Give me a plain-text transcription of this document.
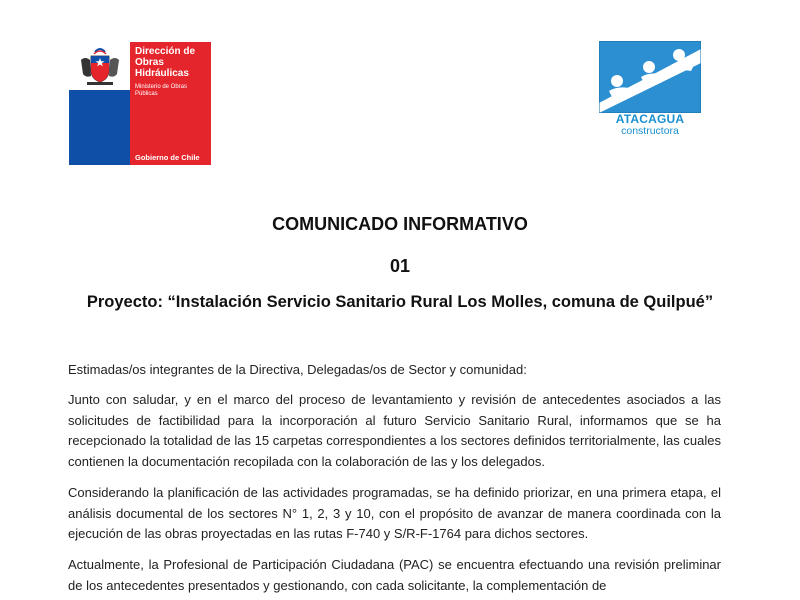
Dirección de
Obras
Hidráulicas
Ministerio de Obras
Públicas
Gobierno de Chile
ATACAGUA
constructora
COMUNICADO INFORMATIVO
01
Proyecto: “Instalación Servicio Sanitario Rural Los Molles, comuna de Quilpué”
Estimadas/os integrantes de la Directiva, Delegadas/os de Sector y comunidad:
Junto con saludar, y en el marco del proceso de levantamiento y revisión de antecedentes asociados a las solicitudes de factibilidad para la incorporación al futuro Servicio Sanitario Rural, informamos que se ha recepcionado la totalidad de las 15 carpetas correspondientes a los sectores definidos territorialmente, las cuales contienen la documentación recopilada con la colaboración de las y los delegados.
Considerando la planificación de las actividades programadas, se ha definido priorizar, en una primera etapa, el análisis documental de los sectores N° 1, 2, 3 y 10, con el propósito de avanzar de manera coordinada con la ejecución de las obras proyectadas en las rutas F-740 y S/R-F-1764 para dichos sectores.
Actualmente, la Profesional de Participación Ciudadana (PAC) se encuentra efectuando una revisión preliminar de los antecedentes presentados y gestionando, con cada solicitante, la complementación de
